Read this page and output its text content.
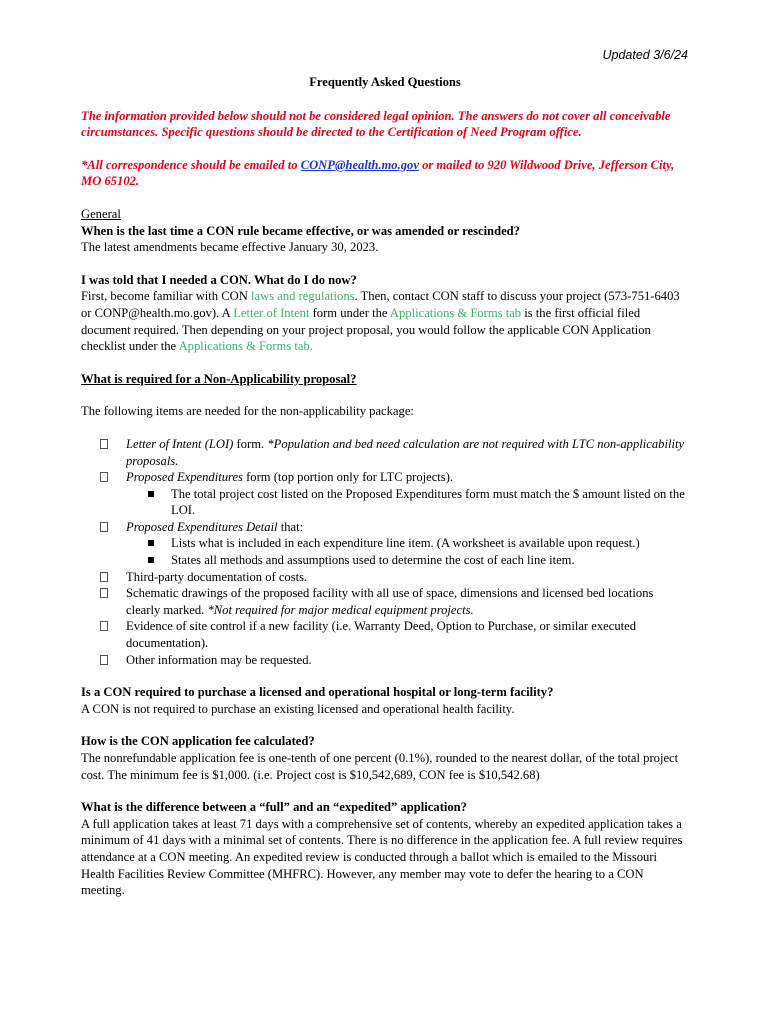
Updated 3/6/24

Frequently Asked Questions

The information provided below should not be considered legal opinion. The answers do not cover all conceivable circumstances. Specific questions should be directed to the Certification of Need Program office.

*All correspondence should be emailed to CONP@health.mo.gov or mailed to 920 Wildwood Drive, Jefferson City, MO 65102.

General

When is the last time a CON rule became effective, or was amended or rescinded?

The latest amendments became effective January 30, 2023.

I was told that I needed a CON. What do I do now?

First, become familiar with CON laws and regulations. Then, contact CON staff to discuss your project (573-751-6403 or CONP@health.mo.gov). A Letter of Intent form under the Applications & Forms tab is the first official filed document required. Then depending on your project proposal, you would follow the applicable CON Application checklist under the Applications & Forms tab.

What is required for a Non-Applicability proposal?

The following items are needed for the non-applicability package:

Letter of Intent (LOI) form. *Population and bed need calculation are not required with LTC non-applicability proposals.
Proposed Expenditures form (top portion only for LTC projects).
The total project cost listed on the Proposed Expenditures form must match the $ amount listed on the LOI.
Proposed Expenditures Detail that:
Lists what is included in each expenditure line item. (A worksheet is available upon request.)
States all methods and assumptions used to determine the cost of each line item.
Third-party documentation of costs.
Schematic drawings of the proposed facility with all use of space, dimensions and licensed bed locations clearly marked. *Not required for major medical equipment projects.
Evidence of site control if a new facility (i.e. Warranty Deed, Option to Purchase, or similar executed documentation).
Other information may be requested.

Is a CON required to purchase a licensed and operational hospital or long-term facility?

A CON is not required to purchase an existing licensed and operational health facility.

How is the CON application fee calculated?

The nonrefundable application fee is one-tenth of one percent (0.1%), rounded to the nearest dollar, of the total project cost. The minimum fee is $1,000. (i.e. Project cost is $10,542,689, CON fee is $10,542.68)

What is the difference between a “full” and an “expedited” application?

A full application takes at least 71 days with a comprehensive set of contents, whereby an expedited application takes a minimum of 41 days with a minimal set of contents. There is no difference in the application fee. A full review requires attendance at a CON meeting. An expedited review is conducted through a ballot which is emailed to the Missouri Health Facilities Review Committee (MHFRC). However, any member may vote to defer the hearing to a CON meeting.
